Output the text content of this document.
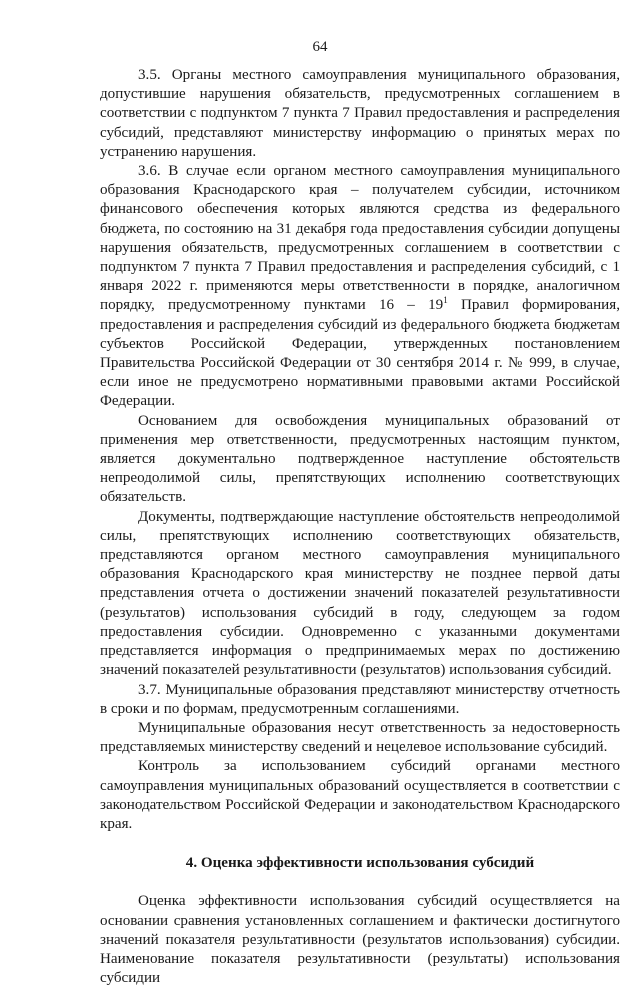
64

3.5. Органы местного самоуправления муниципального образования, допустившие нарушения обязательств, предусмотренных соглашением в соответствии с подпунктом 7 пункта 7 Правил предоставления и распределения субсидий, представляют министерству информацию о принятых мерах по устранению нарушения.

3.6. В случае если органом местного самоуправления муниципального образования Краснодарского края – получателем субсидии, источником финансового обеспечения которых являются средства из федерального бюджета, по состоянию на 31 декабря года предоставления субсидии допущены нарушения обязательств, предусмотренных соглашением в соответствии с подпунктом 7 пункта 7 Правил предоставления и распределения субсидий, с 1 января 2022 г. применяются меры ответственности в порядке, аналогичном порядку, предусмотренному пунктами $16 - 19^1$ Правил формирования, предоставления и распределения субсидий из федерального бюджета бюджетам субъектов Российской Федерации, утвержденных постановлением Правительства Российской Федерации от 30 сентября 2014 г. № 999, в случае, если иное не предусмотрено нормативными правовыми актами Российской Федерации.

Основанием для освобождения муниципальных образований от применения мер ответственности, предусмотренных настоящим пунктом, является документально подтвержденное наступление обстоятельств непреодолимой силы, препятствующих исполнению соответствующих обязательств.

Документы, подтверждающие наступление обстоятельств непреодолимой силы, препятствующих исполнению соответствующих обязательств, представляются органом местного самоуправления муниципального образования Краснодарского края министерству не позднее первой даты представления отчета о достижении значений показателей результативности (результатов) использования субсидий в году, следующем за годом предоставления субсидии. Одновременно с указанными документами представляется информация о предпринимаемых мерах по достижению значений показателей результативности (результатов) использования субсидий.

3.7. Муниципальные образования представляют министерству отчетность в сроки и по формам, предусмотренным соглашениями.

Муниципальные образования несут ответственность за недостоверность представляемых министерству сведений и нецелевое использование субсидий.

Контроль за использованием субсидий органами местного самоуправления муниципальных образований осуществляется в соответствии с законодательством Российской Федерации и законодательством Краснодарского края.

4. Оценка эффективности использования субсидий

Оценка эффективности использования субсидий осуществляется на основании сравнения установленных соглашением и фактически достигнутого значений показателя результативности (результатов использования) субсидии. Наименование показателя результативности (результаты) использования субсидии
